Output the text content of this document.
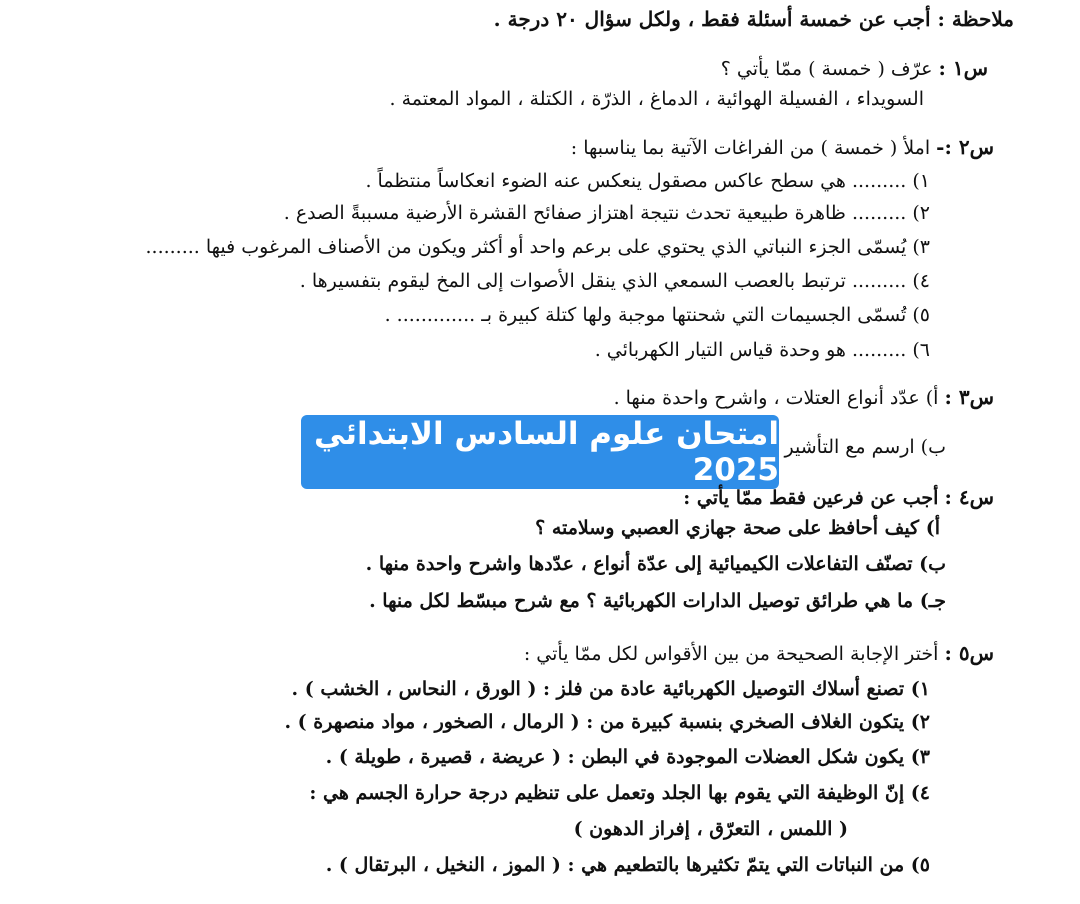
ملاحظة : أجب عن خمسة أسئلة فقط ، ولكل سؤال ٢٠ درجة .
س١ : عرّف ( خمسة ) ممّا يأتي ؟
السويداء ، الفسيلة الهوائية ، الدماغ ، الذرّة ، الكتلة ، المواد المعتمة .
س٢ :- املأ ( خمسة ) من الفراغات الآتية بما يناسبها :
١) ......... هي سطح عاكس مصقول ينعكس عنه الضوء انعكاساً منتظماً .
٢) ......... ظاهرة طبيعية تحدث نتيجة اهتزاز صفائح القشرة الأرضية مسببةً الصدع .
٣) يُسمّى الجزء النباتي الذي يحتوي على برعم واحد أو أكثر ويكون من الأصناف المرغوب فيها .........
٤) ......... ترتبط بالعصب السمعي الذي ينقل الأصوات إلى المخ ليقوم بتفسيرها .
٥) تُسمّى الجسيمات التي شحنتها موجبة ولها كتلة كبيرة بـ ............. .
٦) ......... هو وحدة قياس التيار الكهربائي .
س٣ : أ) عدّد أنواع العتلات ، واشرح واحدة منها .
ب) ارسم مع التأشير
امتحان علوم السادس الابتدائي 2025
س٤ : أجب عن فرعين فقط ممّا يأتي :
أ) كيف أحافظ على صحة جهازي العصبي وسلامته ؟
ب) تصنّف التفاعلات الكيميائية إلى عدّة أنواع ، عدّدها واشرح واحدة منها .
جـ) ما هي طرائق توصيل الدارات الكهربائية ؟ مع شرح مبسّط لكل منها .
س٥ : أختر الإجابة الصحيحة من بين الأقواس لكل ممّا يأتي :
١) تصنع أسلاك التوصيل الكهربائية عادة من فلز : ( الورق ، النحاس ، الخشب ) .
٢) يتكون الغلاف الصخري بنسبة كبيرة من : ( الرمال ، الصخور ، مواد منصهرة ) .
٣) يكون شكل العضلات الموجودة في البطن : ( عريضة ، قصيرة ، طويلة ) .
٤) إنّ الوظيفة التي يقوم بها الجلد وتعمل على تنظيم درجة حرارة الجسم هي :
( اللمس ، التعرّق ، إفراز الدهون )
٥) من النباتات التي يتمّ تكثيرها بالتطعيم هي : ( الموز ، النخيل ، البرتقال ) .
